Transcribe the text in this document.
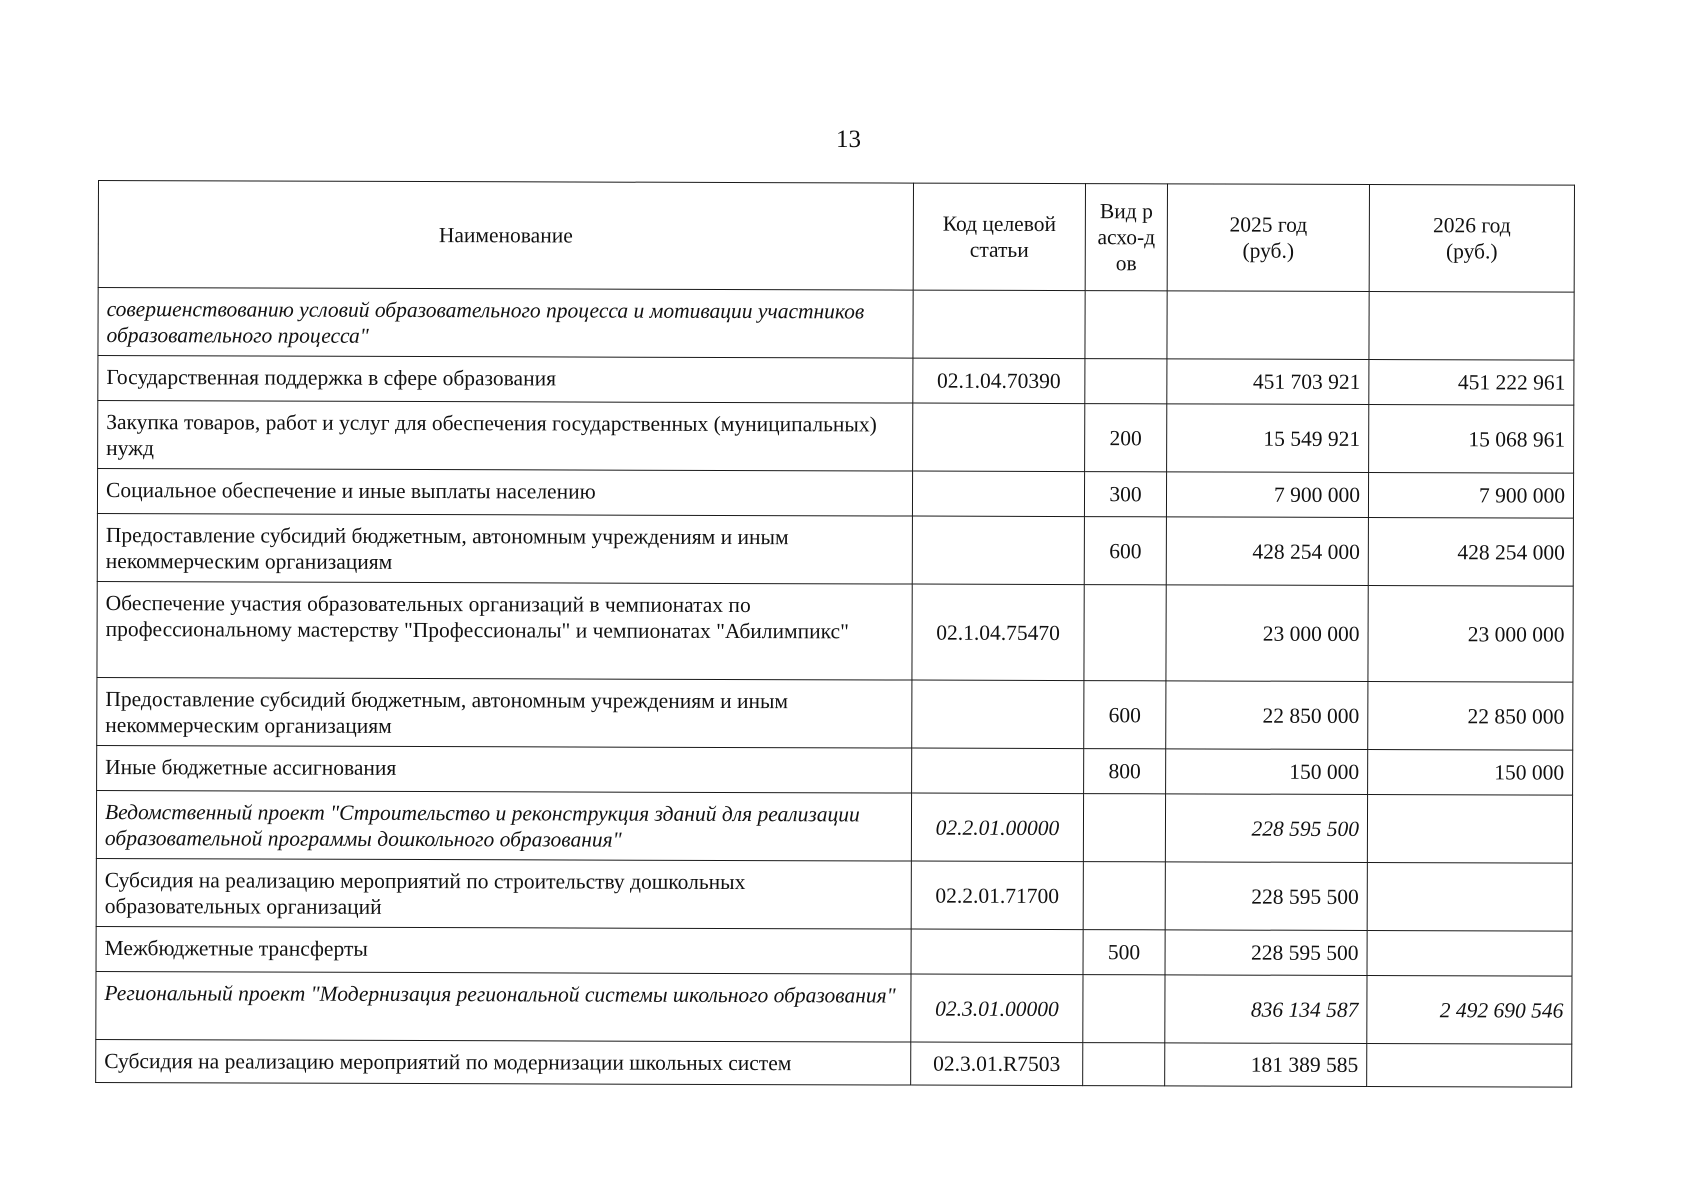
13
Наименование	Код целевой статьи	Вид расхо-дов	2025 год (руб.)	2026 год (руб.)
совершенствованию условий образовательного процесса и мотивации участников образовательного процесса"				
Государственная поддержка в сфере образования	02.1.04.70390		451 703 921	451 222 961
Закупка товаров, работ и услуг для обеспечения государственных (муниципальных) нужд		200	15 549 921	15 068 961
Социальное обеспечение и иные выплаты населению		300	7 900 000	7 900 000
Предоставление субсидий бюджетным, автономным учреждениям и иным некоммерческим организациям		600	428 254 000	428 254 000
Обеспечение участия образовательных организаций в чемпионатах по профессиональному мастерству "Профессионалы" и чемпионатах "Абилимпикс"	02.1.04.75470		23 000 000	23 000 000
Предоставление субсидий бюджетным, автономным учреждениям и иным некоммерческим организациям		600	22 850 000	22 850 000
Иные бюджетные ассигнования		800	150 000	150 000
Ведомственный проект "Строительство и реконструкция зданий для реализации образовательной программы дошкольного образования"	02.2.01.00000		228 595 500	
Субсидия на реализацию мероприятий по строительству дошкольных образовательных организаций	02.2.01.71700		228 595 500	
Межбюджетные трансферты		500	228 595 500	
Региональный проект "Модернизация региональной системы школьного образования"	02.3.01.00000		836 134 587	2 492 690 546
Субсидия на реализацию мероприятий по модернизации школьных систем	02.3.01.R7503		181 389 585	
